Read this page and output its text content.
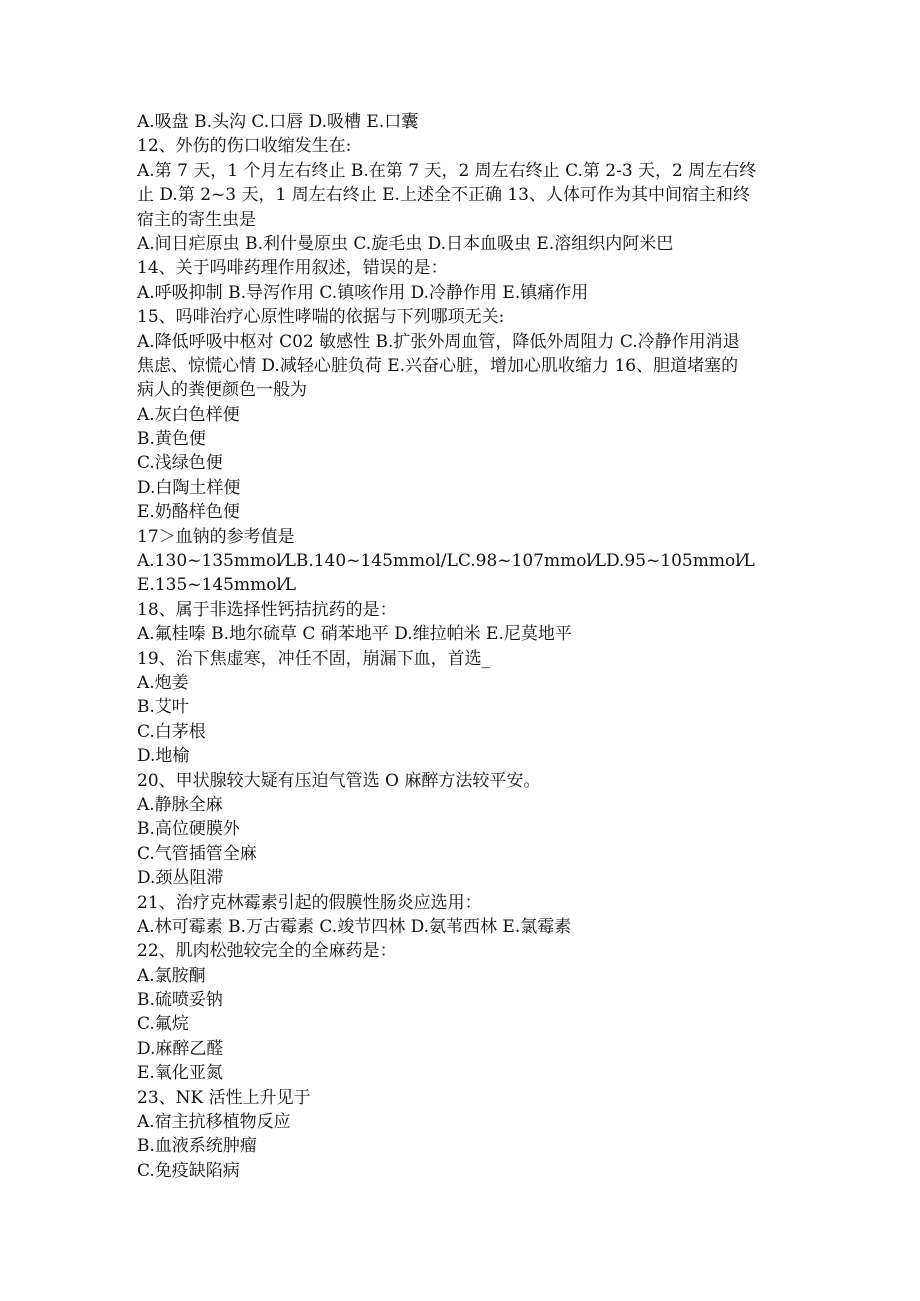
A.吸盘 B.头沟 C.口唇 D.吸槽 E.口囊
12、外伤的伤口收缩发生在:
A.第 7 天，1 个月左右终止 B.在第 7 天，2 周左右终止 C.第 2-3 天，2 周左右终
止 D.第 2~3 天，1 周左右终止 E.上述全不正确 13、人体可作为其中间宿主和终
宿主的寄生虫是
A.间日疟原虫 B.利什曼原虫 C.旋毛虫 D.日本血吸虫 E.溶组织内阿米巴
14、关于吗啡药理作用叙述，错误的是：
A.呼吸抑制 B.导泻作用 C.镇咳作用 D.冷静作用 E.镇痛作用
15、吗啡治疗心原性哮喘的依据与下列哪项无关:
A.降低呼吸中枢对 C02 敏感性 B.扩张外周血管，降低外周阻力 C.冷静作用消退
焦虑、惊慌心情 D.减轻心脏负荷 E.兴奋心脏，增加心肌收缩力 16、胆道堵塞的
病人的粪便颜色一般为
A.灰白色样便
B.黄色便
C.浅绿色便
D.白陶土样便
E.奶酪样色便
17＞血钠的参考值是
A.130~135mmol⁄LB.140~145mmol/LC.98~107mmol⁄LD.95~105mmol⁄L
E.135~145mmol⁄L
18、属于非选择性钙拮抗药的是：
A.氟桂嗪 B.地尔硫草 C 硝苯地平 D.维拉帕米 E.尼莫地平
19、治下焦虚寒，冲任不固，崩漏下血，首选_
A.炮姜
B.艾叶
C.白茅根
D.地榆
20、甲状腺较大疑有压迫气管选 O 麻醉方法较平安。
A.静脉全麻
B.高位硬膜外
C.气管插管全麻
D.颈丛阻滞
21、治疗克林霉素引起的假膜性肠炎应选用：
A.林可霉素 B.万古霉素 C.竣节四林 D.氨苇西林 E.氯霉素
22、肌肉松弛较完全的全麻药是：
A.氯胺酮
B.硫喷妥钠
C.氟烷
D.麻醉乙醛
E.氧化亚氮
23、NK 活性上升见于
A.宿主抗移植物反应
B.血液系统肿瘤
C.免疫缺陷病
